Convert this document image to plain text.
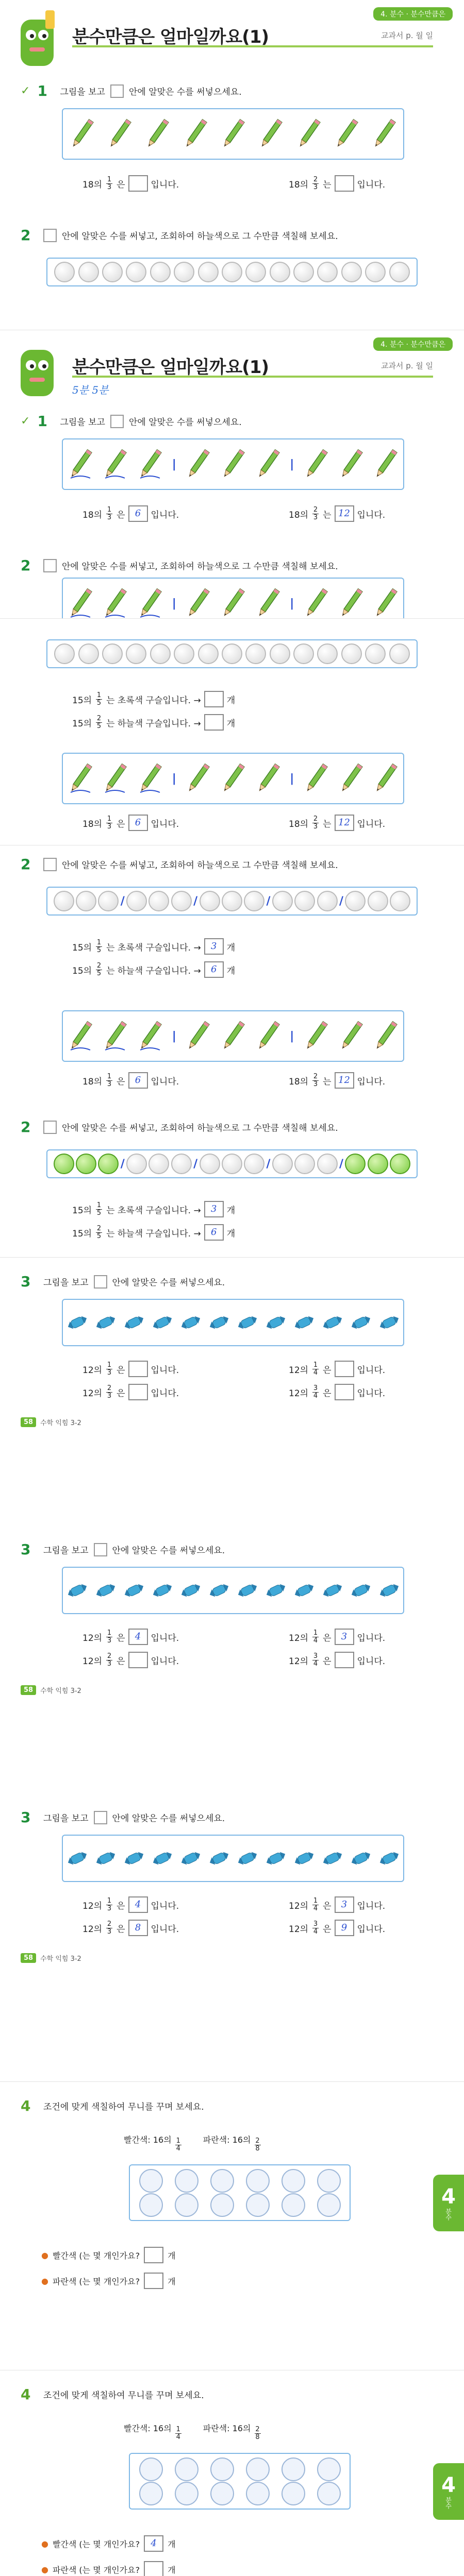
4. 분수 · 분수만큼은
분수만큼은 얼마일까요(1)	교과서 p. 월 일
✓ 1	그림을 보고	안에 알맞은 수를 써넣으세요.
18의 $\frac{1}{3}$ 은	입니다.	18의 $\frac{2}{3}$ 는	입니다.
2	안에 알맞은 수를 써넣고, 조회하여 하늘색으로 그 수만큼 색칠해 보세요.
4. 분수 · 분수만큼은
분수만큼은 얼마일까요(1)	교과서 p. 월 일
5분 5분
✓ 1	그림을 보고	안에 알맞은 수를 써넣으세요.
|	|
18의 $\frac{1}{3}$ 은	6	입니다.	18의 $\frac{2}{3}$ 는 12 입니다.
2	안에 알맞은 수를 써넣고, 조회하여 하늘색으로 그 수만큼 색칠해 보세요.
|	|
15의 $\frac{1}{5}$ 는 초록색 구슬입니다. →	개
15의 $\frac{2}{5}$ 는 하늘색 구슬입니다. →	개
|	|
18의 $\frac{1}{3}$ 은	6	입니다.	18의 $\frac{2}{3}$ 는 12 입니다.
2	안에 알맞은 수를 써넣고, 조회하여 하늘색으로 그 수만큼 색칠해 보세요.
/	/	/	/
15의 $\frac{1}{5}$ 는 초록색 구슬입니다. →	3	개
15의 $\frac{2}{5}$ 는 하늘색 구슬입니다. →	6	개
|	|
18의 $\frac{1}{3}$ 은	6	입니다.	18의 $\frac{2}{3}$ 는 12 입니다.
2	안에 알맞은 수를 써넣고, 조회하여 하늘색으로 그 수만큼 색칠해 보세요.
/	/	/	/
15의 $\frac{1}{5}$ 는 초록색 구슬입니다. →	3	개
15의 $\frac{2}{5}$ 는 하늘색 구슬입니다. →	6	개
3	그림을 보고	안에 알맞은 수를 써넣으세요.
12의 $\frac{1}{3}$ 은	입니다.	12의 $\frac{1}{4}$ 은	입니다.
12의 $\frac{2}{3}$ 은	입니다.	12의 $\frac{3}{4}$ 은	입니다.
58	수학 익힘 3-2
3	그림을 보고	안에 알맞은 수를 써넣으세요.
12의 $\frac{1}{3}$ 은	4	입니다.	12의 $\frac{1}{4}$ 은	3	입니다.
12의 $\frac{2}{3}$ 은	입니다.	12의 $\frac{3}{4}$ 은	입니다.
58	수학 익힘 3-2
3	그림을 보고	안에 알맞은 수를 써넣으세요.
12의 $\frac{1}{3}$ 은	4	입니다.	12의 $\frac{1}{4}$ 은	3	입니다.
12의 $\frac{2}{3}$ 은	8	입니다.	12의 $\frac{3}{4}$ 은	9	입니다.
58	수학 익힘 3-2
4	조건에 맞게 색칠하여 무니를 꾸며 보세요.
빨간색: 16의 $\frac{1}{4}$	파란색: 16의 $\frac{2}{8}$
● 빨간색 (는 몇 개인가요?	개
● 파란색 (는 몇 개인가요?	개
4
분수
4	조건에 맞게 색칠하여 무니를 꾸며 보세요.
빨간색: 16의 $\frac{1}{4}$	파란색: 16의 $\frac{2}{8}$
● 빨간색 (는 몇 개인가요?	4	개
● 파란색 (는 몇 개인가요?	개
4
분수
